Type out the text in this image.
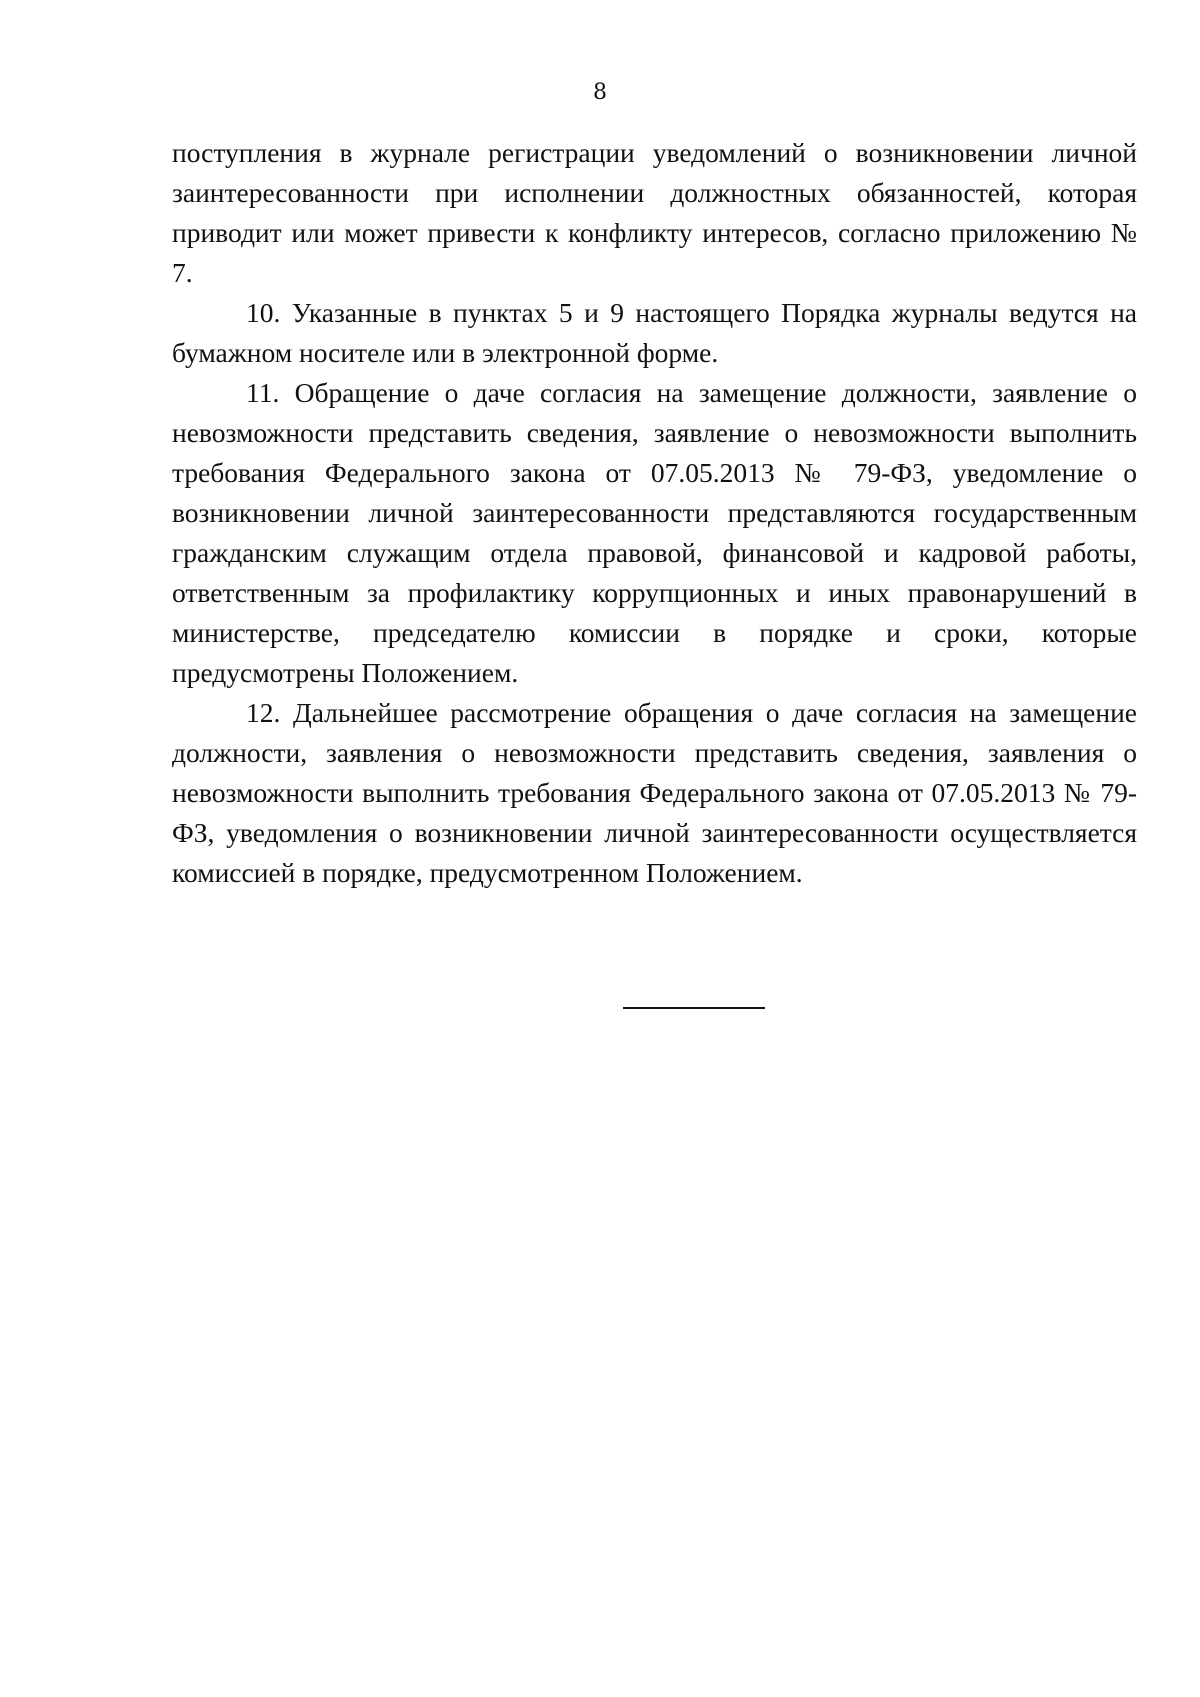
8

поступления в журнале регистрации уведомлений о возникновении личной заинтересованности при исполнении должностных обязанностей, которая приводит или может привести к конфликту интересов, согласно приложению № 7.

10. Указанные в пунктах 5 и 9 настоящего Порядка журналы ведутся на бумажном носителе или в электронной форме.

11. Обращение о даче согласия на замещение должности, заявление о невозможности представить сведения, заявление о невозможности выполнить требования Федерального закона от 07.05.2013 № 79-ФЗ, уведомление о возникновении личной заинтересованности представляются государственным гражданским служащим отдела правовой, финансовой и кадровой работы, ответственным за профилактику коррупционных и иных правонарушений в министерстве, председателю комиссии в порядке и сроки, которые предусмотрены Положением.

12. Дальнейшее рассмотрение обращения о даче согласия на замещение должности, заявления о невозможности представить сведения, заявления о невозможности выполнить требования Федерального закона от 07.05.2013 № 79-ФЗ, уведомления о возникновении личной заинтересованности осуществляется комиссией в порядке, предусмотренном Положением.
